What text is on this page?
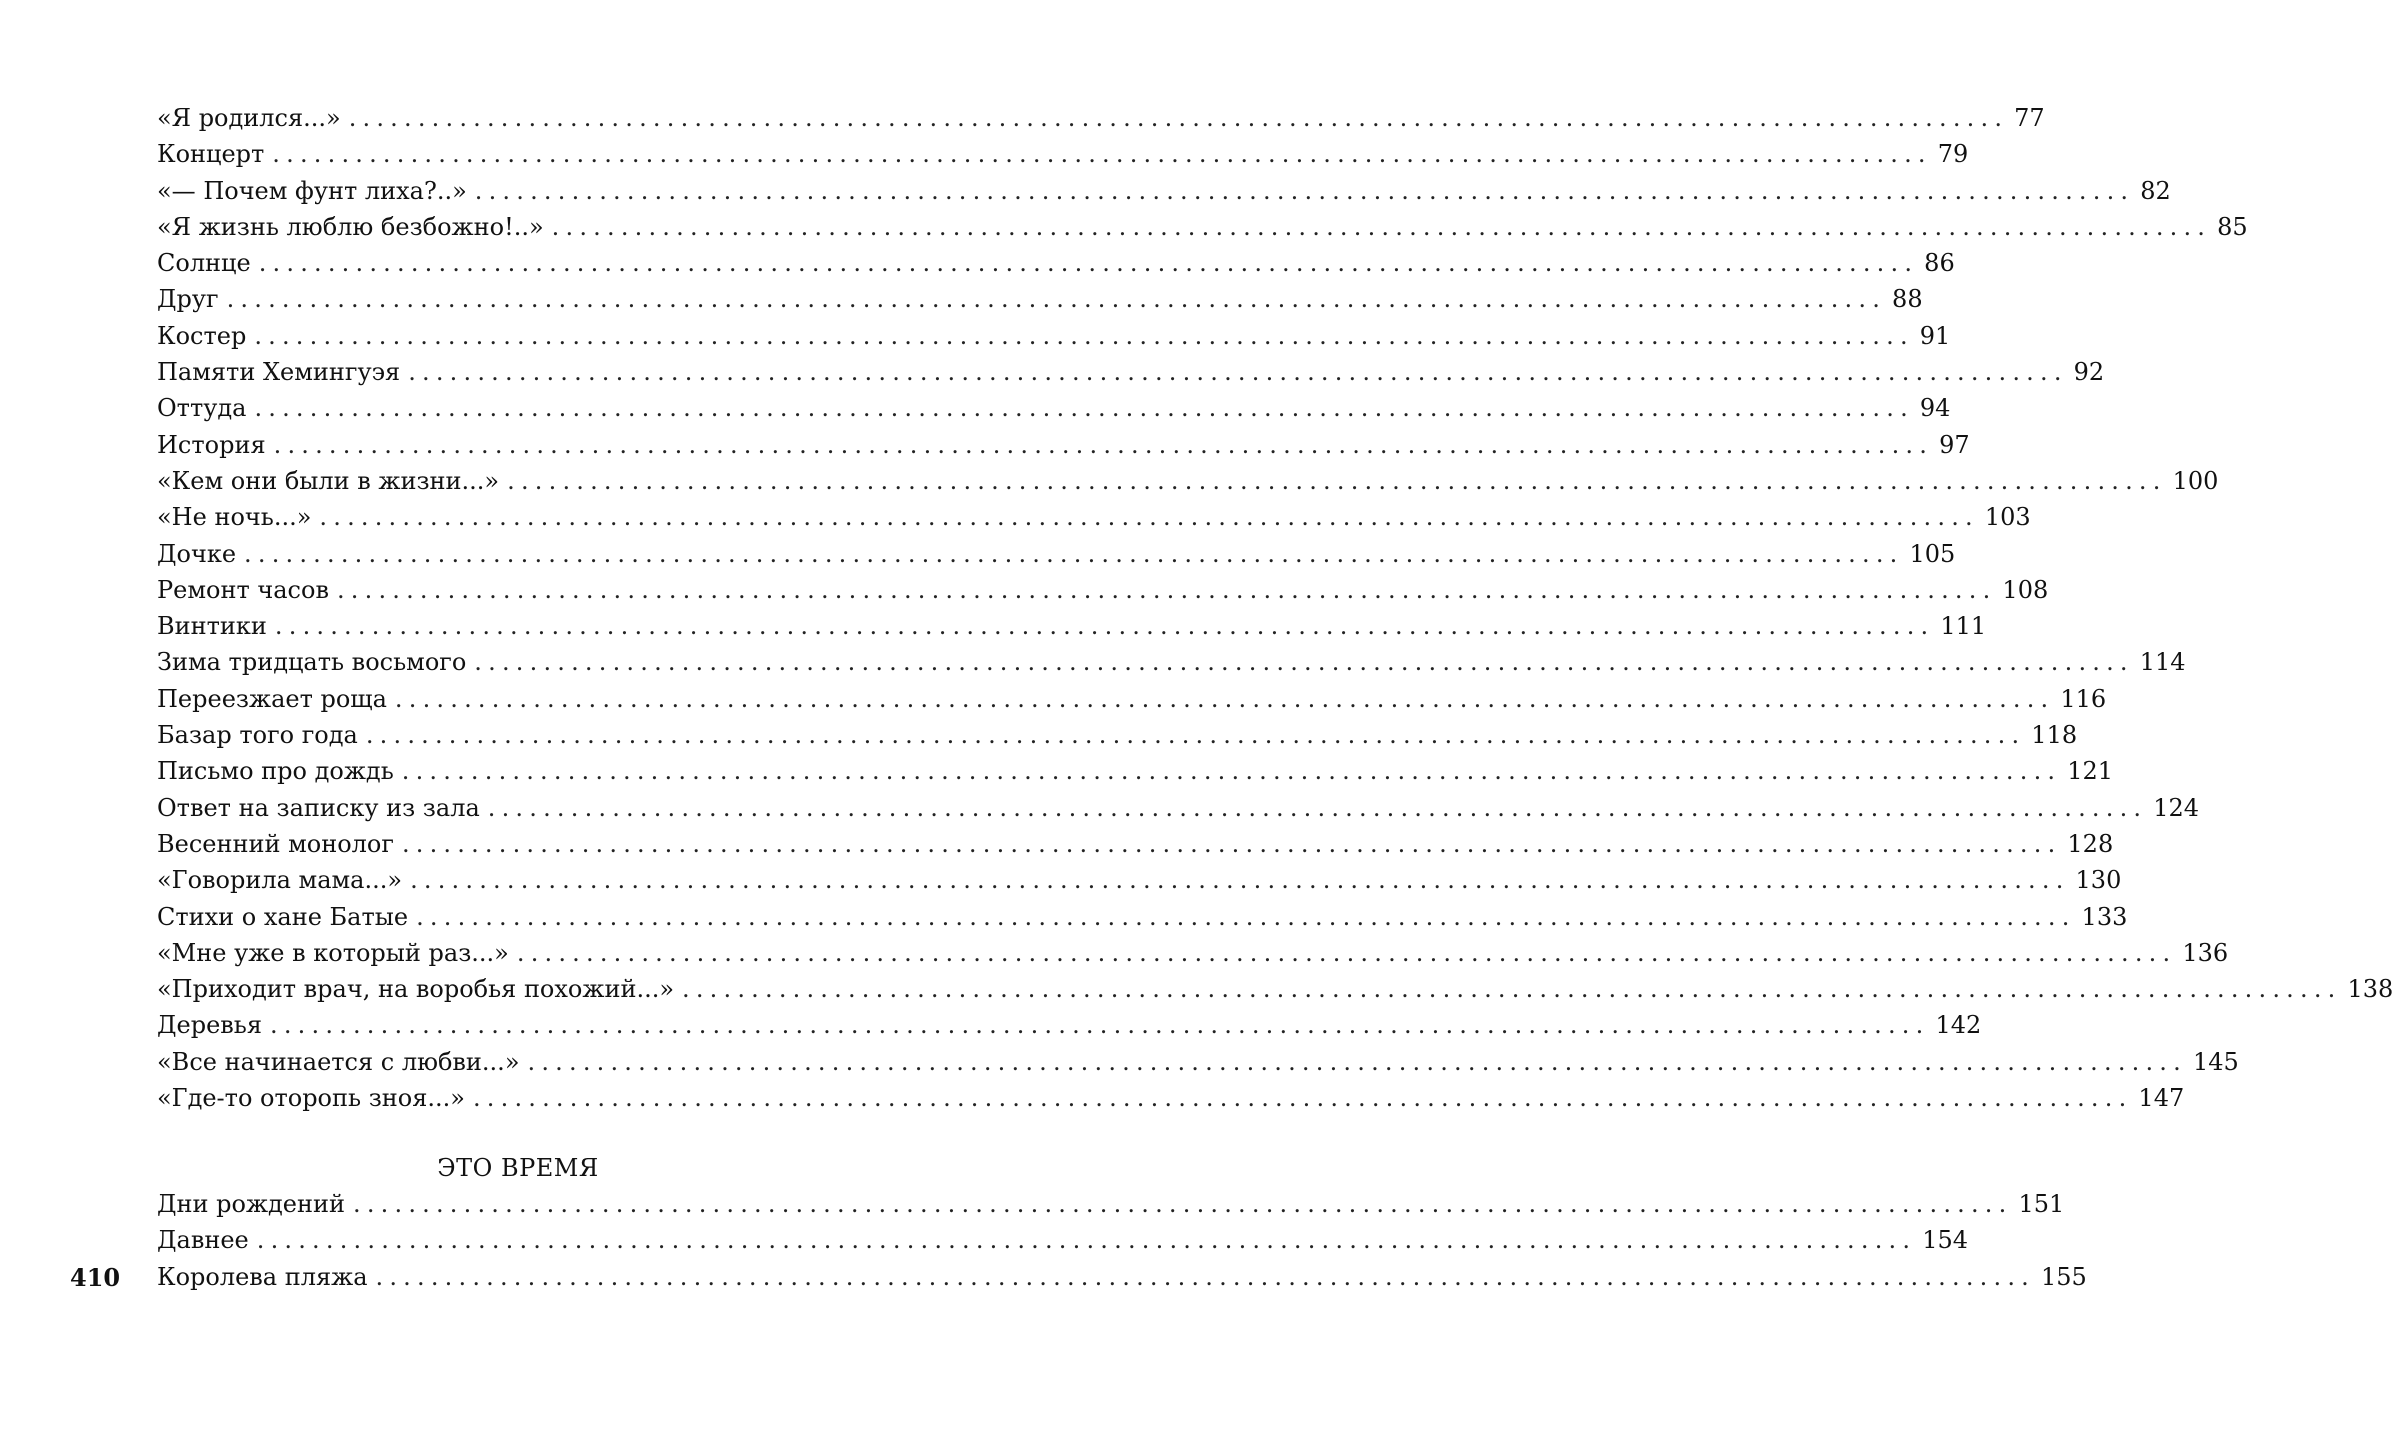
«Я родился...» ........................................................................................................................ 77
Концерт ........................................................................................................................ 79
«— Почем фунт лиха?..» ........................................................................................................................ 82
«Я жизнь люблю безбожно!..» ........................................................................................................................ 85
Солнце ........................................................................................................................ 86
Друг ........................................................................................................................ 88
Костер ........................................................................................................................ 91
Памяти Хемингуэя ........................................................................................................................ 92
Оттуда ........................................................................................................................ 94
История ........................................................................................................................ 97
«Кем они были в жизни...» ........................................................................................................................ 100
«Не ночь...» ........................................................................................................................ 103
Дочке ........................................................................................................................ 105
Ремонт часов ........................................................................................................................ 108
Винтики ........................................................................................................................ 111
Зима тридцать восьмого ........................................................................................................................ 114
Переезжает роща ........................................................................................................................ 116
Базар того года ........................................................................................................................ 118
Письмо про дождь ........................................................................................................................ 121
Ответ на записку из зала ........................................................................................................................ 124
Весенний монолог ........................................................................................................................ 128
«Говорила мама...» ........................................................................................................................ 130
Стихи о хане Батые ........................................................................................................................ 133
«Мне уже в который раз...» ........................................................................................................................ 136
«Приходит врач, на воробья похожий...» ........................................................................................................................ 138
Деревья ........................................................................................................................ 142
«Все начинается с любви...» ........................................................................................................................ 145
«Где-то оторопь зноя...» ........................................................................................................................ 147
ЭТО ВРЕМЯ
Дни рождений ........................................................................................................................ 151
Давнее ........................................................................................................................ 154
Королева пляжа ........................................................................................................................ 155
410
